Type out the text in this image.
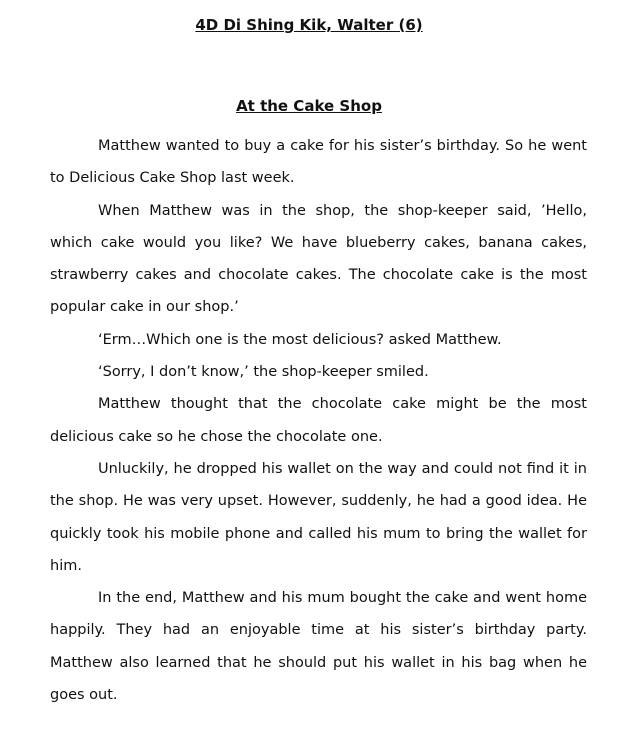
4D Di Shing Kik, Walter (6)
At the Cake Shop

Matthew wanted to buy a cake for his sister’s birthday. So he went to Delicious Cake Shop last week.

When Matthew was in the shop, the shop-keeper said, ’Hello, which cake would you like? We have blueberry cakes, banana cakes, strawberry cakes and chocolate cakes. The chocolate cake is the most popular cake in our shop.’

‘Erm…Which one is the most delicious? asked Matthew.

‘Sorry, I don’t know,’ the shop-keeper smiled.

Matthew thought that the chocolate cake might be the most delicious cake so he chose the chocolate one.

Unluckily, he dropped his wallet on the way and could not find it in the shop. He was very upset. However, suddenly, he had a good idea. He quickly took his mobile phone and called his mum to bring the wallet for him.

In the end, Matthew and his mum bought the cake and went home happily. They had an enjoyable time at his sister’s birthday party. Matthew also learned that he should put his wallet in his bag when he goes out.
